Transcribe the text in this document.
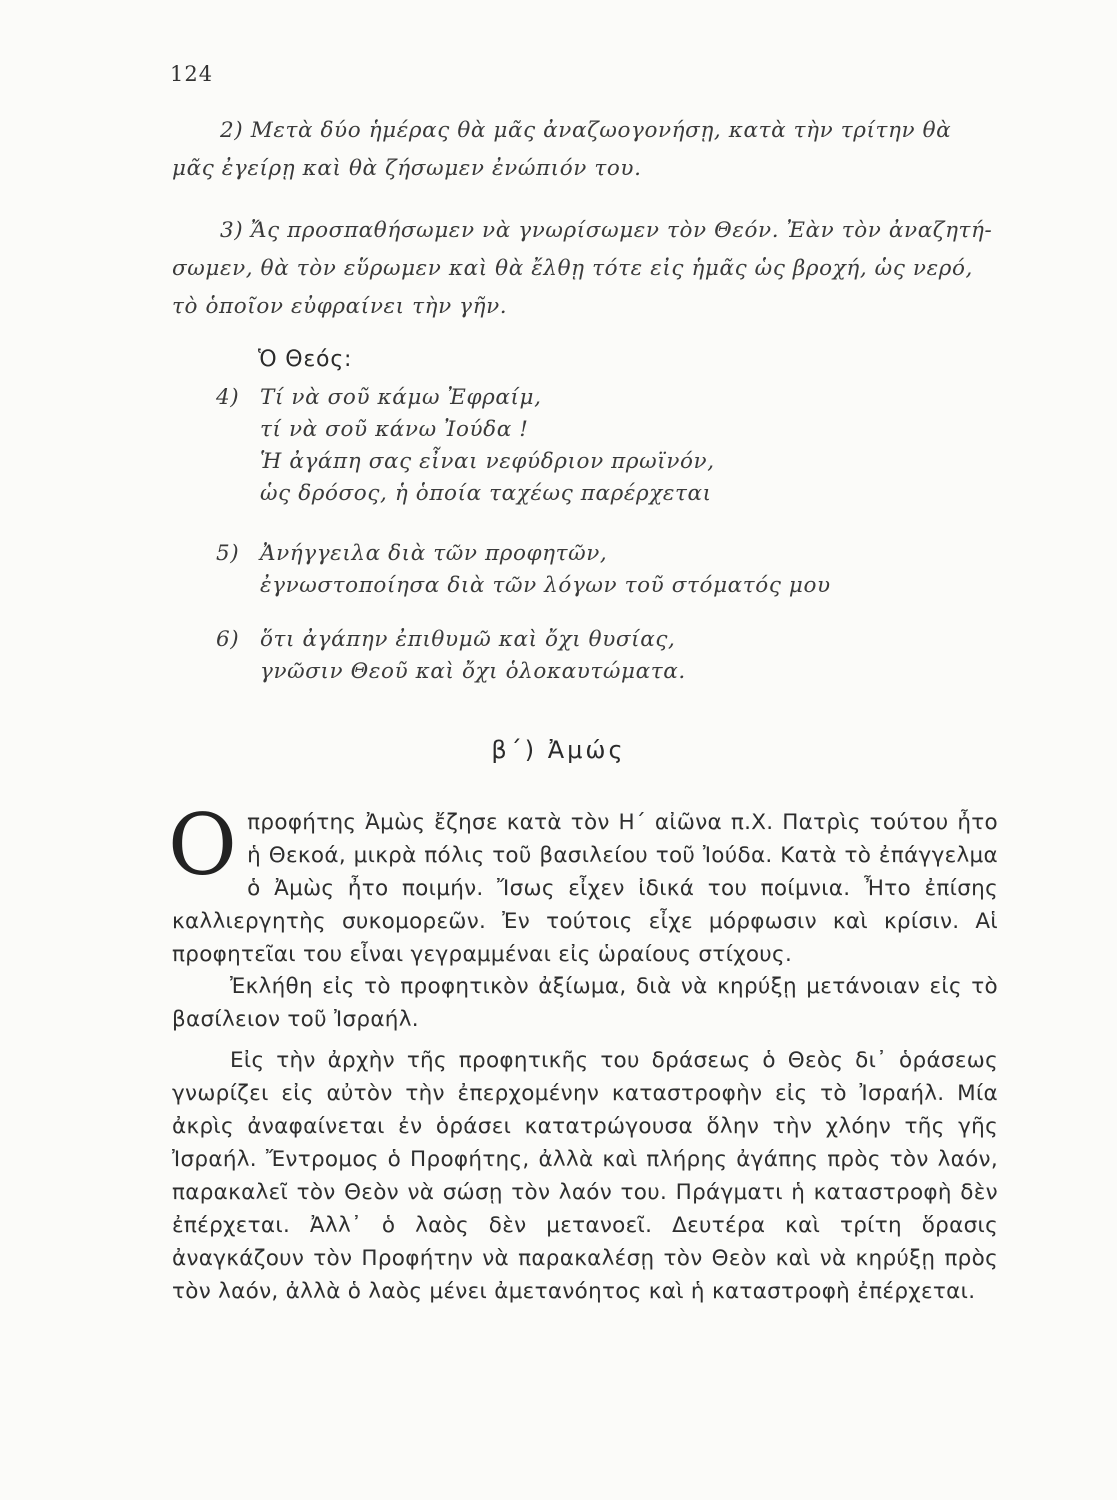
124
2) Μετὰ δύο ἡμέρας θὰ μᾶς ἀναζωογονήσῃ, κατὰ τὴν τρίτην θὰ
μᾶς ἐγείρῃ καὶ θὰ ζήσωμεν ἐνώπιόν του.
3) Ἄς προσπαθήσωμεν νὰ γνωρίσωμεν τὸν Θεόν. Ἐὰν τὸν ἀναζητή-
σωμεν, θὰ τὸν εὕρωμεν καὶ θὰ ἔλθῃ τότε εἰς ἡμᾶς ὡς βροχή, ὡς νερό,
τὸ ὁποῖον εὐφραίνει τὴν γῆν.
Ὁ Θεός:
4) Τί νὰ σοῦ κάμω Ἐφραίμ,
τί νὰ σοῦ κάνω Ἰούδα !
Ἡ ἀγάπη σας εἶναι νεφύδριον πρωϊνόν,
ὡς δρόσος, ἡ ὁποία ταχέως παρέρχεται
5) Ἀνήγγειλα διὰ τῶν προφητῶν,
ἐγνωστοποίησα διὰ τῶν λόγων τοῦ στόματός μου
6) ὅτι ἀγάπην ἐπιθυμῶ καὶ ὄχι θυσίας,
γνῶσιν Θεοῦ καὶ ὄχι ὁλοκαυτώματα.
β΄) Ἀμώς
Ο προφήτης Ἀμὼς ἔζησε κατὰ τὸν Η΄ αἰῶνα π.Χ. Πατρὶς τούτου ἦτο ἡ Θεκοά, μικρὰ πόλις τοῦ βασιλείου τοῦ Ἰούδα. Κατὰ τὸ ἐπάγγελμα ὁ Ἀμὼς ἦτο ποιμήν. Ἴσως εἶχεν ἰδικά του ποίμνια. Ἦτο ἐπίσης καλλιεργητὴς συκομορεῶν. Ἐν τούτοις εἶχε μόρφωσιν καὶ κρίσιν. Αἱ προφητεῖαι του εἶναι γεγραμμέναι εἰς ὡραίους στίχους.

Ἐκλήθη εἰς τὸ προφητικὸν ἀξίωμα, διὰ νὰ κηρύξῃ μετάνοιαν εἰς τὸ βασίλειον τοῦ Ἰσραήλ.

Εἰς τὴν ἀρχὴν τῆς προφητικῆς του δράσεως ὁ Θεὸς δι᾽ ὁράσεως γνωρίζει εἰς αὐτὸν τὴν ἐπερχομένην καταστροφὴν εἰς τὸ Ἰσραήλ. Μία ἀκρὶς ἀναφαίνεται ἐν ὁράσει κατατρώγουσα ὅλην τὴν χλόην τῆς γῆς Ἰσραήλ. Ἔντρομος ὁ Προφήτης, ἀλλὰ καὶ πλήρης ἀγάπης πρὸς τὸν λαόν, παρακαλεῖ τὸν Θεὸν νὰ σώσῃ τὸν λαόν του. Πράγματι ἡ καταστροφὴ δὲν ἐπέρχεται. Ἀλλ᾽ ὁ λαὸς δὲν μετανοεῖ. Δευτέρα καὶ τρίτη ὅρασις ἀναγκάζουν τὸν Προφήτην νὰ παρακαλέσῃ τὸν Θεὸν καὶ νὰ κηρύξῃ πρὸς τὸν λαόν, ἀλλὰ ὁ λαὸς μένει ἀμετανόητος καὶ ἡ καταστροφὴ ἐπέρχεται.
